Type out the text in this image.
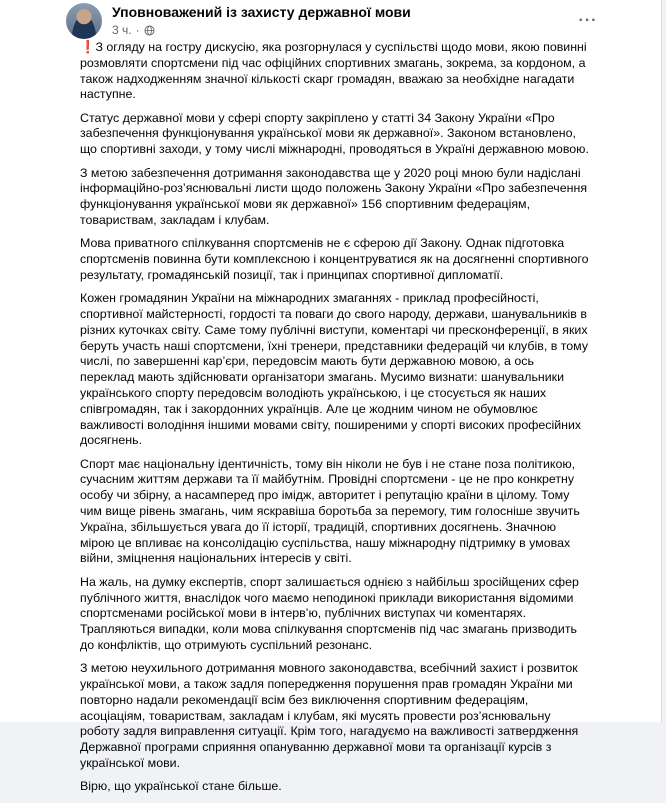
Уповноважений із захисту державної мови
3 ч. ·
···

❗З огляду на гостру дискусію, яка розгорнулася у суспільстві щодо мови, якою повинні розмовляти спортсмени під час офіційних спортивних змагань, зокрема, за кордоном, а також надходженням значної кількості скарг громадян, вважаю за необхідне нагадати наступне.

Статус державної мови у сфері спорту закріплено у статті 34 Закону України «Про забезпечення функціонування української мови як державної». Законом встановлено, що спортивні заходи, у тому числі міжнародні, проводяться в Україні державною мовою.

З метою забезпечення дотримання законодавства ще у 2020 році мною були надіслані інформаційно-роз’яснювальні листи щодо положень Закону України «Про забезпечення функціонування української мови як державної» 156 спортивним федераціям, товариствам, закладам і клубам.

Мова приватного спілкування спортсменів не є сферою дії Закону. Однак підготовка спортсменів повинна бути комплексною і концентруватися як на досягненні спортивного результату, громадянській позиції, так і принципах спортивної дипломатії.

Кожен громадянин України на міжнародних змаганнях - приклад професійності, спортивної майстерності, гордості та поваги до свого народу, держави, шанувальників в різних куточках світу. Саме тому публічні виступи, коментарі чи пресконференції, в яких беруть участь наші спортсмени, їхні тренери, представники федерацій чи клубів, в тому числі, по завершенні кар’єри, передовсім мають бути державною мовою, а ось переклад мають здійснювати організатори змагань. Мусимо визнати: шанувальники українського спорту передовсім володіють українською, і це стосується як наших співгромадян, так і закордонних українців. Але це жодним чином не обумовлює важливості володіння іншими мовами світу, поширеними у спорті високих професійних досягнень.

Спорт має національну ідентичність, тому він ніколи не був і не стане поза політикою, сучасним життям держави та її майбутнім. Провідні спортсмени - це не про конкретну особу чи збірну, а насамперед про імідж, авторитет і репутацію країни в цілому. Тому чим вище рівень змагань, чим яскравіша боротьба за перемогу, тим голосніше звучить Україна, збільшується увага до її історії, традицій, спортивних досягнень. Значною мірою це впливає на консолідацію суспільства, нашу міжнародну підтримку в умовах війни, зміцнення національних інтересів у світі.

На жаль, на думку експертів, спорт залишається однією з найбільш зросійщених сфер публічного життя, внаслідок чого маємо неподинокі приклади використання відомими спортсменами російської мови в інтерв’ю, публічних виступах чи коментарях. Трапляються випадки, коли мова спілкування спортсменів під час змагань призводить до конфліктів, що отримують суспільний резонанс.

З метою неухильного дотримання мовного законодавства, всебічний захист і розвиток української мови, а також задля попередження порушення прав громадян України ми повторно надали рекомендації всім без виключення спортивним федераціям, асоціаціям, товариствам, закладам і клубам, які мусять провести роз’яснювальну роботу задля виправлення ситуації. Крім того, нагадуємо на важливості затвердження Державної програми сприяння опануванню державної мови та організації курсів з української мови.

Вірю, що української стане більше.
